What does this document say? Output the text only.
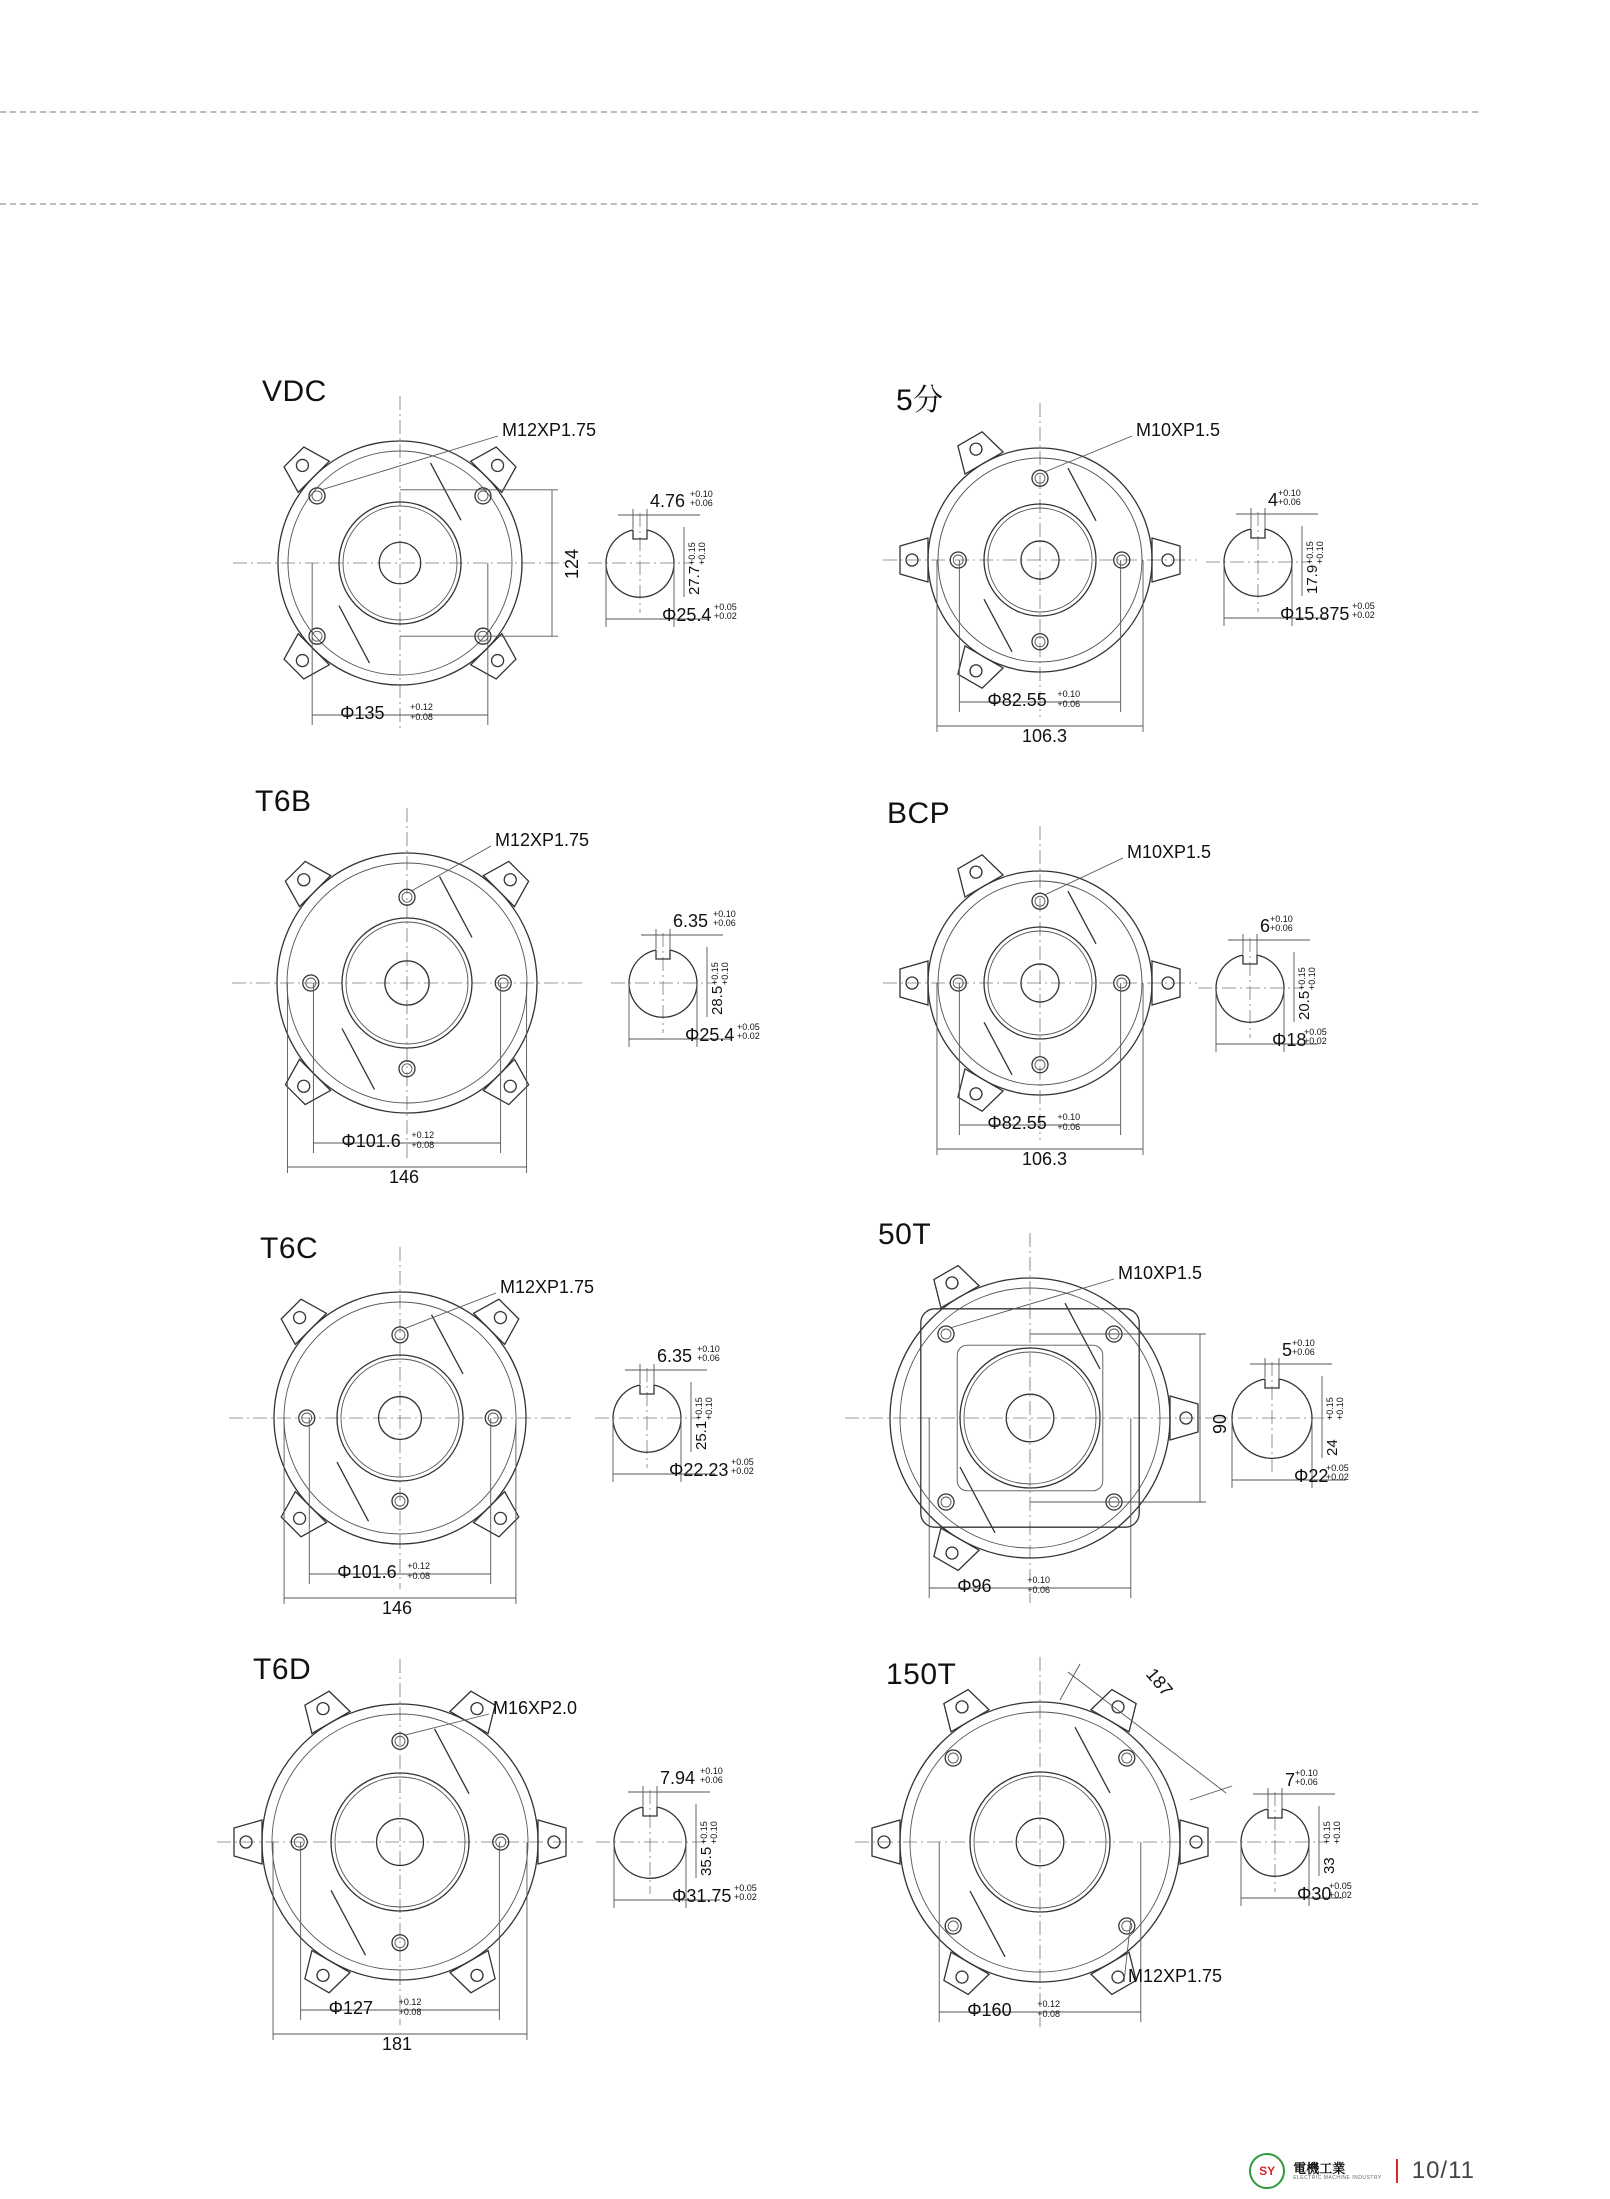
VDC
M12XP1.75
Φ135	+0.12
+0.08
124
4.76 +0.10
+0.06
27.7
+0.15 +0.10
Φ25.4 +0.05
+0.02
5分
M10XP1.5
Φ82.55 +0.10
+0.06
106.3
4 +0.10
+0.06
17.9
+0.15 +0.10
Φ15.875 +0.05
+0.02
T6B
M12XP1.75
Φ101.6 +0.12
+0.08
146
6.35 +0.10
+0.06
28.5
+0.15 +0.10
Φ25.4 +0.05
+0.02
BCP
M10XP1.5
Φ82.55 +0.10
+0.06
106.3
6 +0.10
+0.06
20.5
+0.15 +0.10
Φ18
+0.05
+0.02
T6C
M12XP1.75
Φ101.6 +0.12
+0.08
146
6.35 +0.10
+0.06
25.1
+0.15 +0.10
Φ22.23 +0.05
+0.02
50T
M10XP1.5
Φ96	+0.10
+0.06
90
5 +0.10
+0.06
24
+0.15 +0.10
Φ22
+0.05
+0.02
T6D
M16XP2.0
Φ127	+0.12
+0.08
181
7.94 +0.10
+0.06
35.5
+0.15 +0.10
Φ31.75 +0.05
+0.02
150T
M12XP1.75
Φ160	+0.12
+0.08
187
7 +0.10
+0.06
33
+0.15 +0.10
Φ30
+0.05
+0.02
SY 電機工業
ELECTRIC MACHINE INDUSTRY 10/11
